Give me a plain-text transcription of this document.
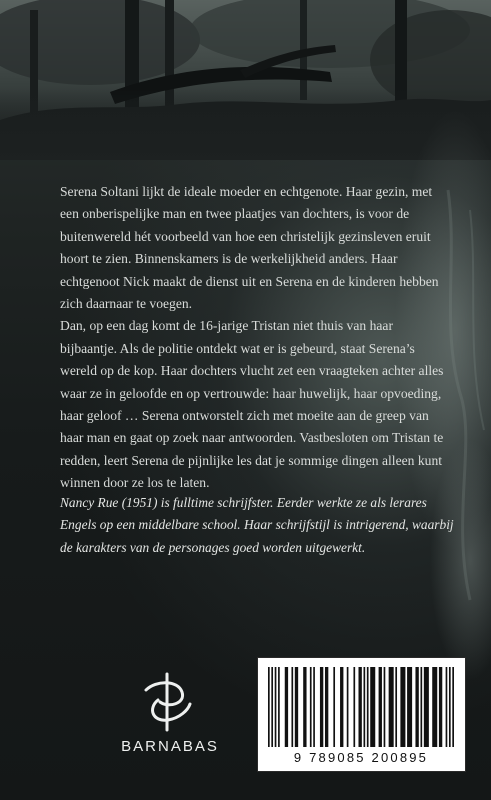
Serena Soltani lijkt de ideale moeder en echtgenote. Haar gezin, met een onberispelijke man en twee plaatjes van dochters, is voor de buitenwereld hét voorbeeld van hoe een christelijk gezinsleven eruit hoort te zien. Binnenskamers is de werkelijkheid anders. Haar echtgenoot Nick maakt de dienst uit en Serena en de kinderen hebben zich daarnaar te voegen.

Dan, op een dag komt de 16-jarige Tristan niet thuis van haar bijbaantje. Als de politie ontdekt wat er is gebeurd, staat Serena’s wereld op de kop. Haar dochters vlucht zet een vraagteken achter alles waar ze in geloofde en op vertrouwde: haar huwelijk, haar opvoeding, haar geloof … Serena ontworstelt zich met moeite aan de greep van haar man en gaat op zoek naar antwoorden. Vastbesloten om Tristan te redden, leert Serena de pijnlijke les dat je sommige dingen alleen kunt winnen door ze los te laten.

Nancy Rue (1951) is fulltime schrijfster. Eerder werkte ze als lerares Engels op een middelbare school. Haar schrijfstijl is intrigerend, waarbij de karakters van de personages goed worden uitgewerkt.
BARNABAS
9 789085 200895
